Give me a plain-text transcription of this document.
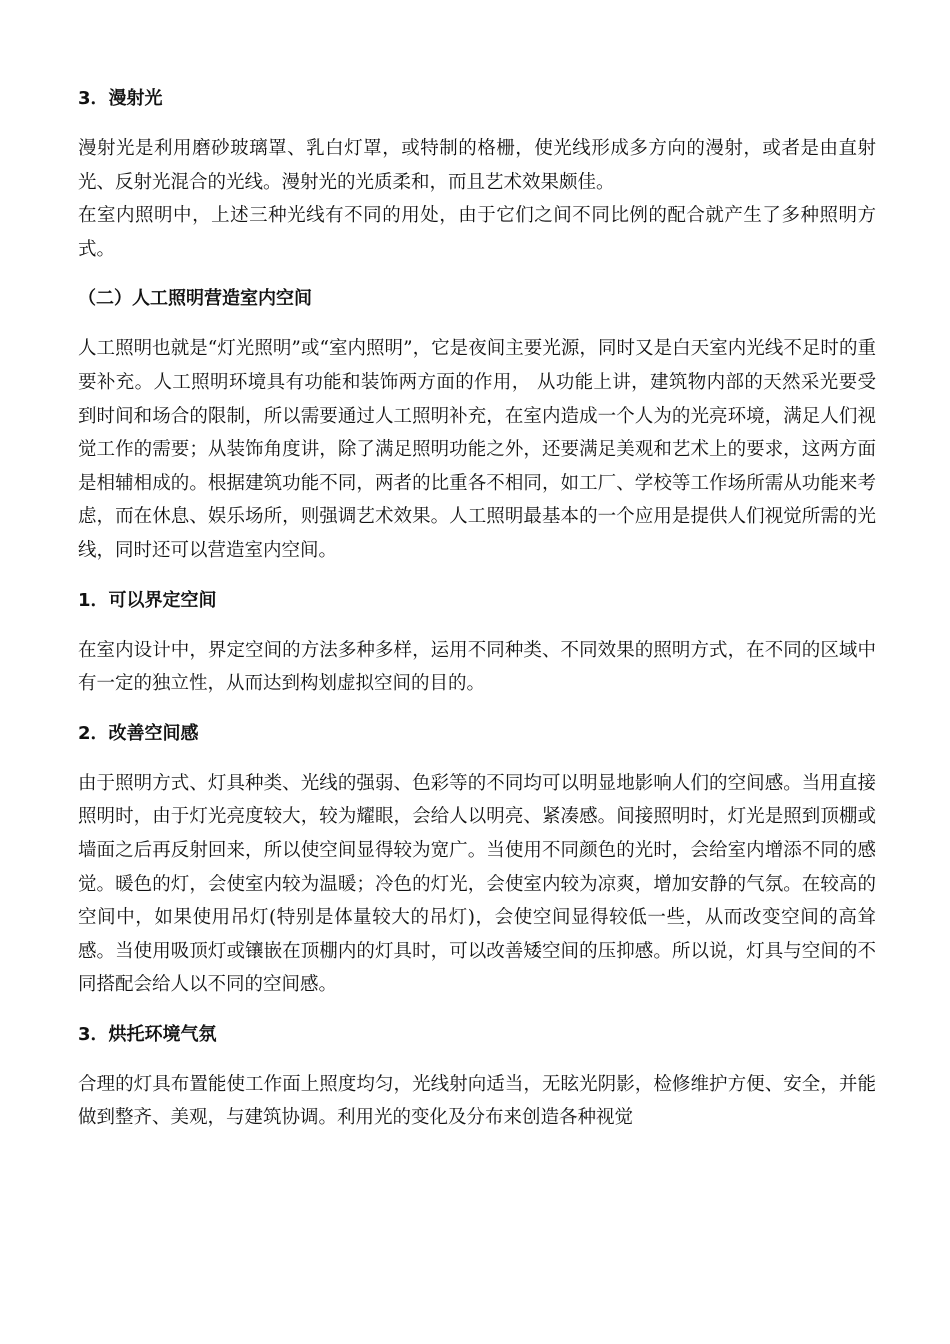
3．漫射光

漫射光是利用磨砂玻璃罩、乳白灯罩，或特制的格栅，使光线形成多方向的漫射，或者是由直射光、反射光混合的光线。漫射光的光质柔和，而且艺术效果颇佳。

在室内照明中，上述三种光线有不同的用处，由于它们之间不同比例的配合就产生了多种照明方式。

（二）人工照明营造室内空间

人工照明也就是“灯光照明”或“室内照明”，它是夜间主要光源，同时又是白天室内光线不足时的重要补充。人工照明环境具有功能和装饰两方面的作用， 从功能上讲，建筑物内部的天然采光要受到时间和场合的限制，所以需要通过人工照明补充，在室内造成一个人为的光亮环境，满足人们视觉工作的需要；从装饰角度讲，除了满足照明功能之外，还要满足美观和艺术上的要求，这两方面是相辅相成的。根据建筑功能不同，两者的比重各不相同，如工厂、学校等工作场所需从功能来考虑，而在休息、娱乐场所，则强调艺术效果。人工照明最基本的一个应用是提供人们视觉所需的光线，同时还可以营造室内空间。

1．可以界定空间

在室内设计中，界定空间的方法多种多样，运用不同种类、不同效果的照明方式，在不同的区域中有一定的独立性，从而达到构划虚拟空间的目的。

2．改善空间感

由于照明方式、灯具种类、光线的强弱、色彩等的不同均可以明显地影响人们的空间感。当用直接照明时，由于灯光亮度较大，较为耀眼，会给人以明亮、紧凑感。间接照明时，灯光是照到顶棚或墙面之后再反射回来，所以使空间显得较为宽广。当使用不同颜色的光时，会给室内增添不同的感觉。暖色的灯，会使室内较为温暖；冷色的灯光，会使室内较为凉爽，增加安静的气氛。在较高的空间中，如果使用吊灯(特别是体量较大的吊灯)，会使空间显得较低一些，从而改变空间的高耸感。当使用吸顶灯或镶嵌在顶棚内的灯具时，可以改善矮空间的压抑感。所以说，灯具与空间的不同搭配会给人以不同的空间感。

3．烘托环境气氛

合理的灯具布置能使工作面上照度均匀，光线射向适当，无眩光阴影，检修维护方便、安全，并能做到整齐、美观，与建筑协调。利用光的变化及分布来创造各种视觉
